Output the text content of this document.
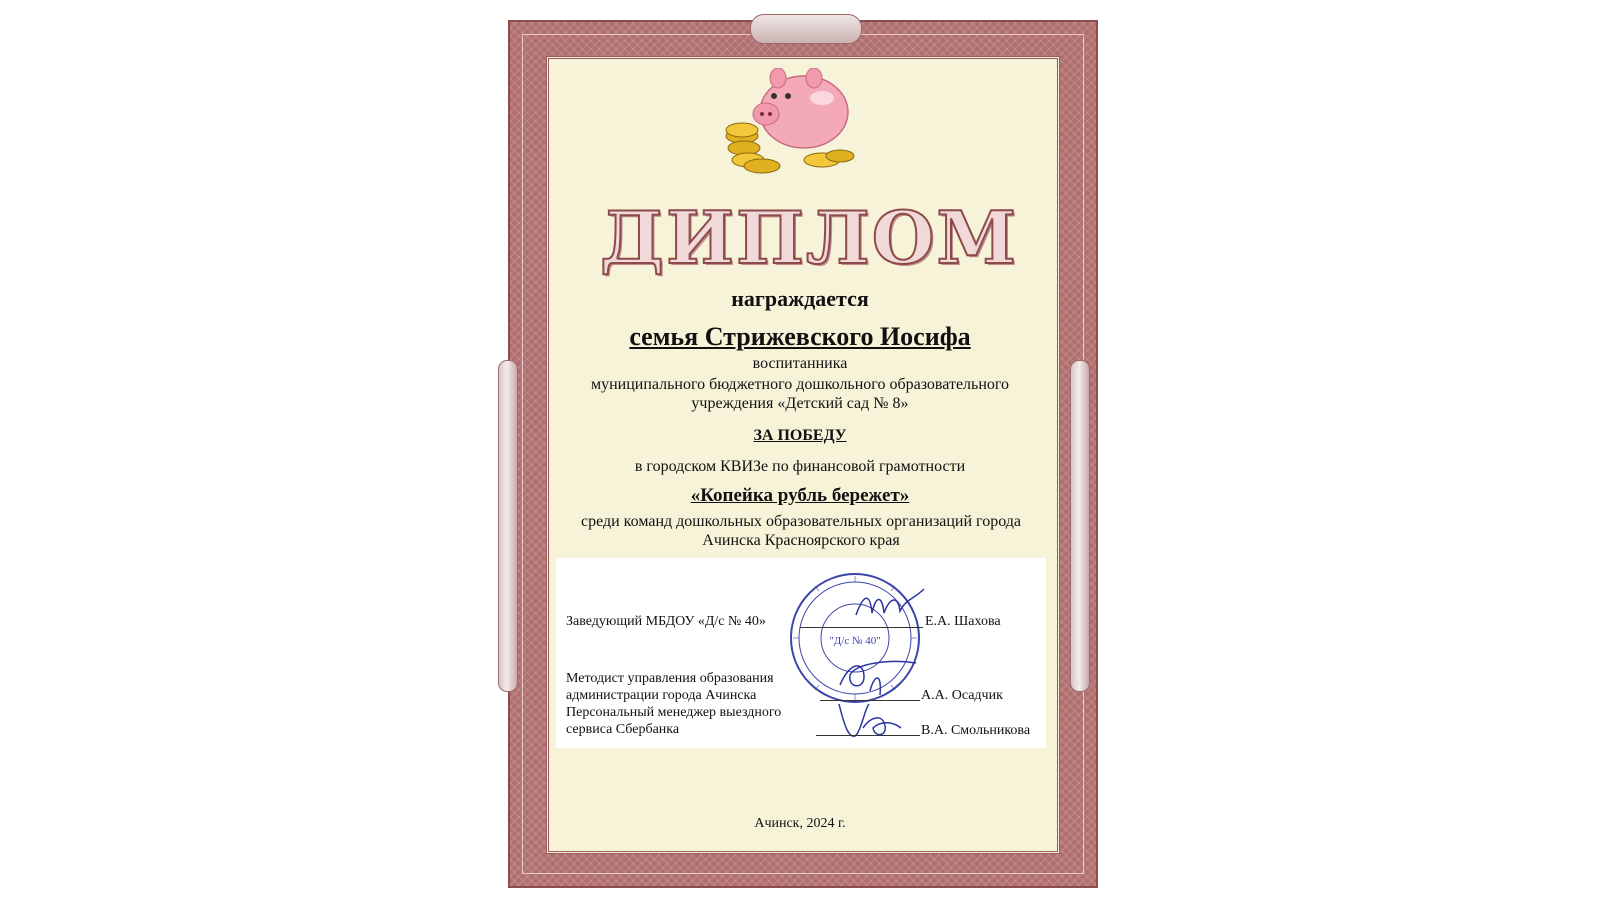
ДИПЛОМ
награждается
семья Стрижевского Иосифа
воспитанника
муниципального бюджетного дошкольного образовательного
учреждения «Детский сад № 8»
ЗА ПОБЕДУ
в городском КВИЗе по финансовой грамотности
«Копейка рубль бережет»
среди команд дошкольных образовательных организаций города
Ачинска Красноярского края
"Д/с № 40"
Заведующий МБДОУ «Д/с № 40»	Е.А. Шахова
Методист управления образования администрации города Ачинска	А.А. Осадчик
Персональный менеджер выездного сервиса Сбербанка	В.А. Смольникова
Ачинск, 2024 г.
